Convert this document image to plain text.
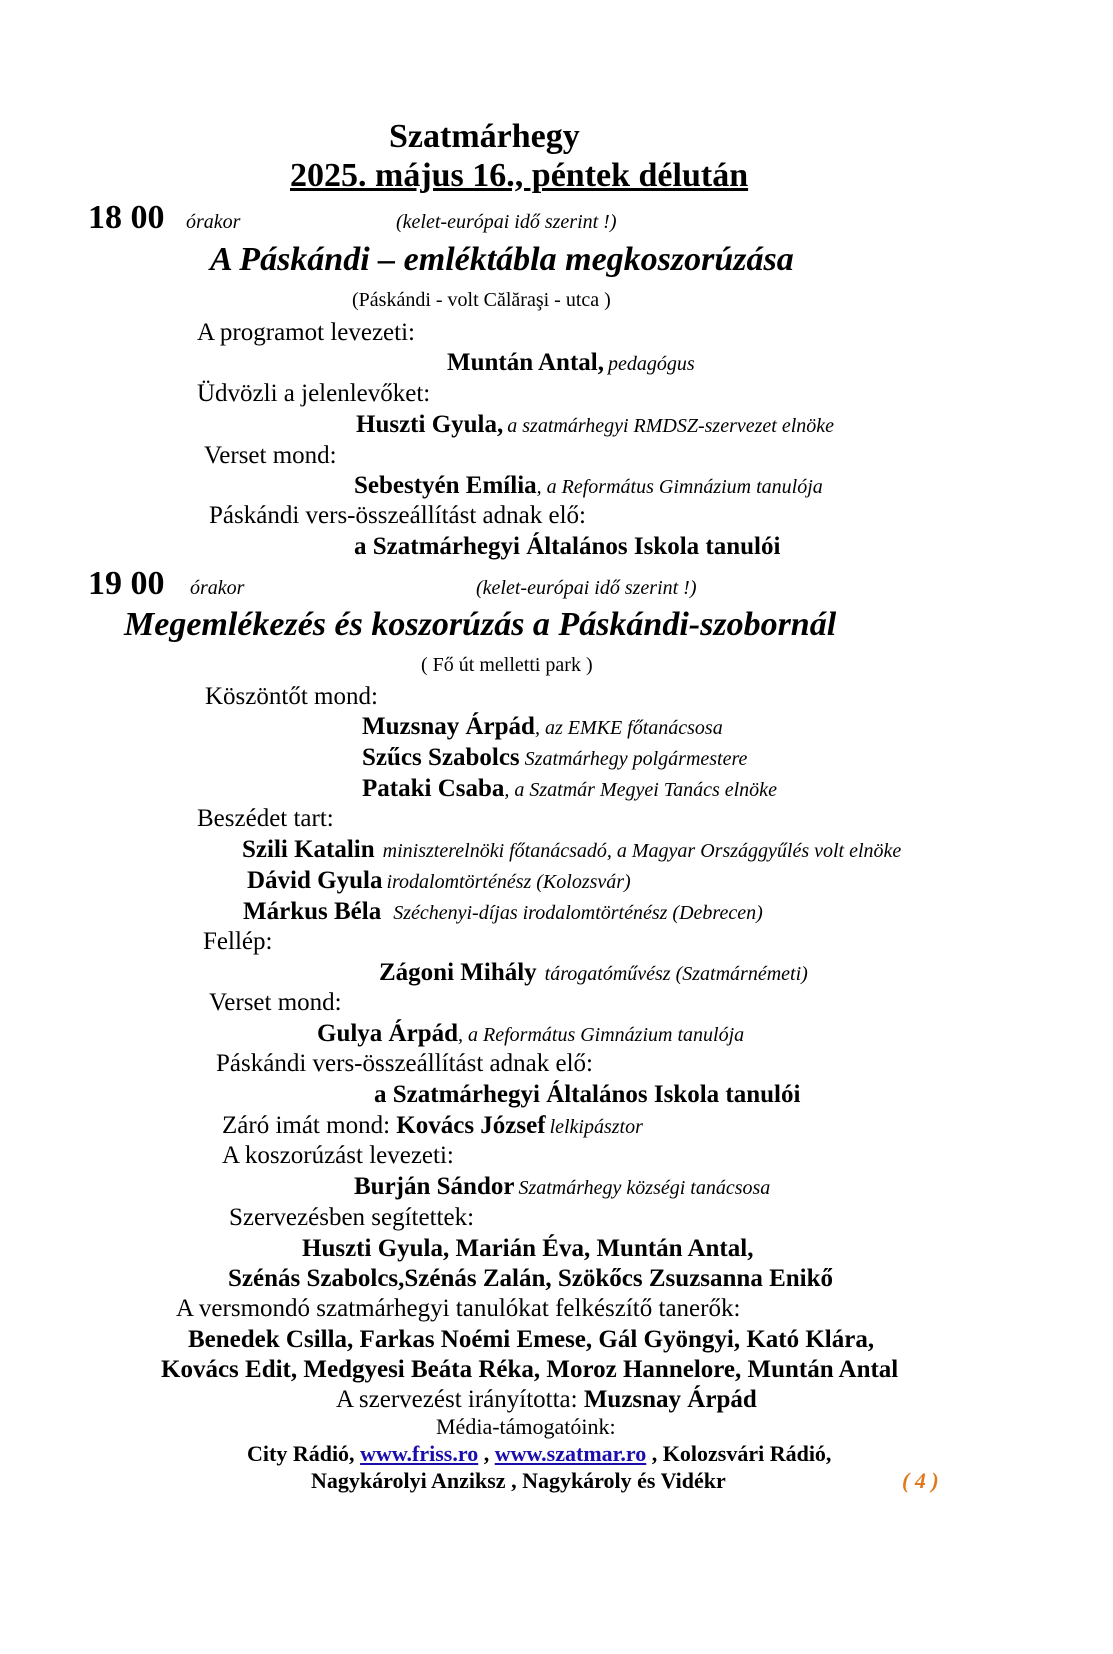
Szatmárhegy
2025. május 16., péntek délután
18 00 órakor	(kelet-európai idő szerint !)
A Páskándi – emléktábla megkoszorúzása
(Páskándi - volt Călăraşi - utca )
A programot levezeti:
Muntán Antal, pedagógus
Üdvözli a jelenlevőket:
Huszti Gyula, a szatmárhegyi RMDSZ-szervezet elnöke
Verset mond:
Sebestyén Emília, a Református Gimnázium tanulója
Páskándi vers-összeállítást adnak elő:
a Szatmárhegyi Általános Iskola tanulói
19 00 órakor	(kelet-európai idő szerint !)
Megemlékezés és koszorúzás a Páskándi-szobornál
( Fő út melletti park )
Köszöntőt mond:
Muzsnay Árpád, az EMKE főtanácsosa
Szűcs Szabolcs Szatmárhegy polgármestere
Pataki Csaba, a Szatmár Megyei Tanács elnöke
Beszédet tart:
Szili Katalin miniszterelnöki főtanácsadó, a Magyar Országgyűlés volt elnöke
Dávid Gyula irodalomtörténész (Kolozsvár)
Márkus Béla Széchenyi-díjas irodalomtörténész (Debrecen)
Fellép:
Zágoni Mihály tárogatóművész (Szatmárnémeti)
Verset mond:
Gulya Árpád, a Református Gimnázium tanulója
Páskándi vers-összeállítást adnak elő:
a Szatmárhegyi Általános Iskola tanulói
Záró imát mond: Kovács József lelkipásztor
A koszorúzást levezeti:
Burján Sándor Szatmárhegy községi tanácsosa
Szervezésben segítettek:
Huszti Gyula, Marián Éva, Muntán Antal,
Szénás Szabolcs,Szénás Zalán, Szökőcs Zsuzsanna Enikő
A versmondó szatmárhegyi tanulókat felkészítő tanerők:
Benedek Csilla, Farkas Noémi Emese, Gál Gyöngyi, Kató Klára,
Kovács Edit, Medgyesi Beáta Réka, Moroz Hannelore, Muntán Antal
A szervezést irányította: Muzsnay Árpád
Média-támogatóink:
City Rádió, www.friss.ro , www.szatmar.ro , Kolozsvári Rádió,
Nagykárolyi Anziksz , Nagykároly és Vidékr	( 4 )
